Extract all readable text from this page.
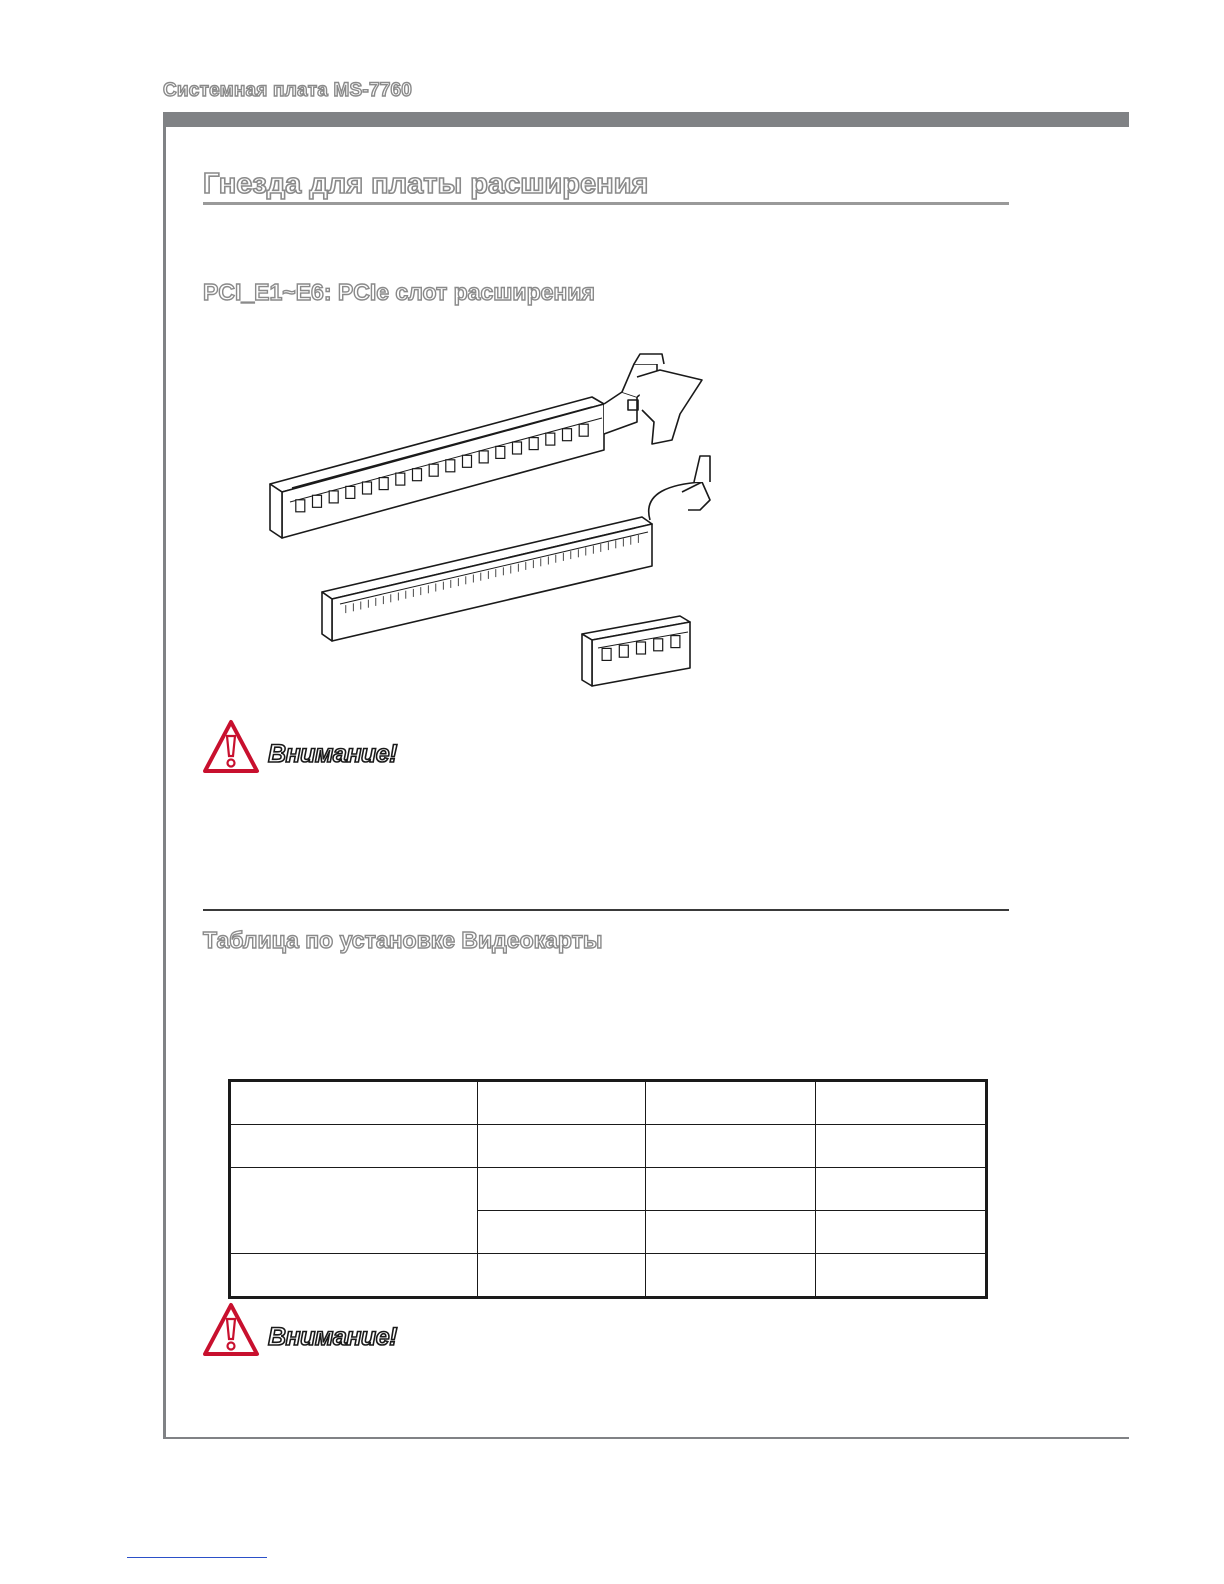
Системная плата MS-7760
Гнезда для платы расширения
PCI_E1~E6: PCIe слот расширения
Внимание!
Таблица по установке Видеокарты

Внимание!
